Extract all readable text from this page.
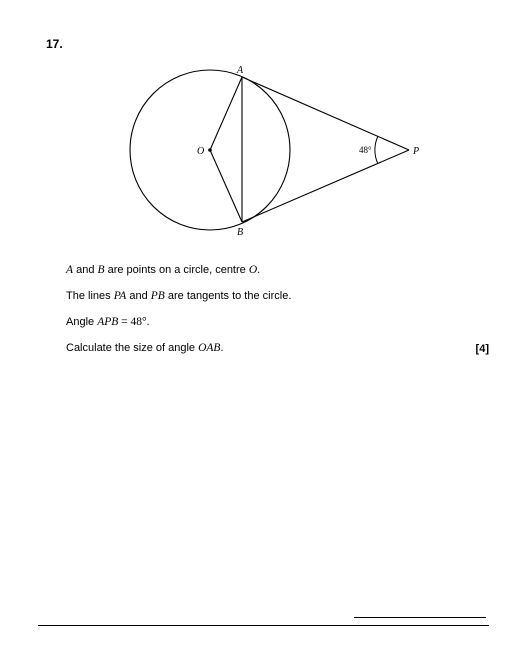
17.
A
B
O	P
48°
A and B are points on a circle, centre O.
The lines PA and PB are tangents to the circle.
Angle APB = 48°.
Calculate the size of angle OAB.	[4]
